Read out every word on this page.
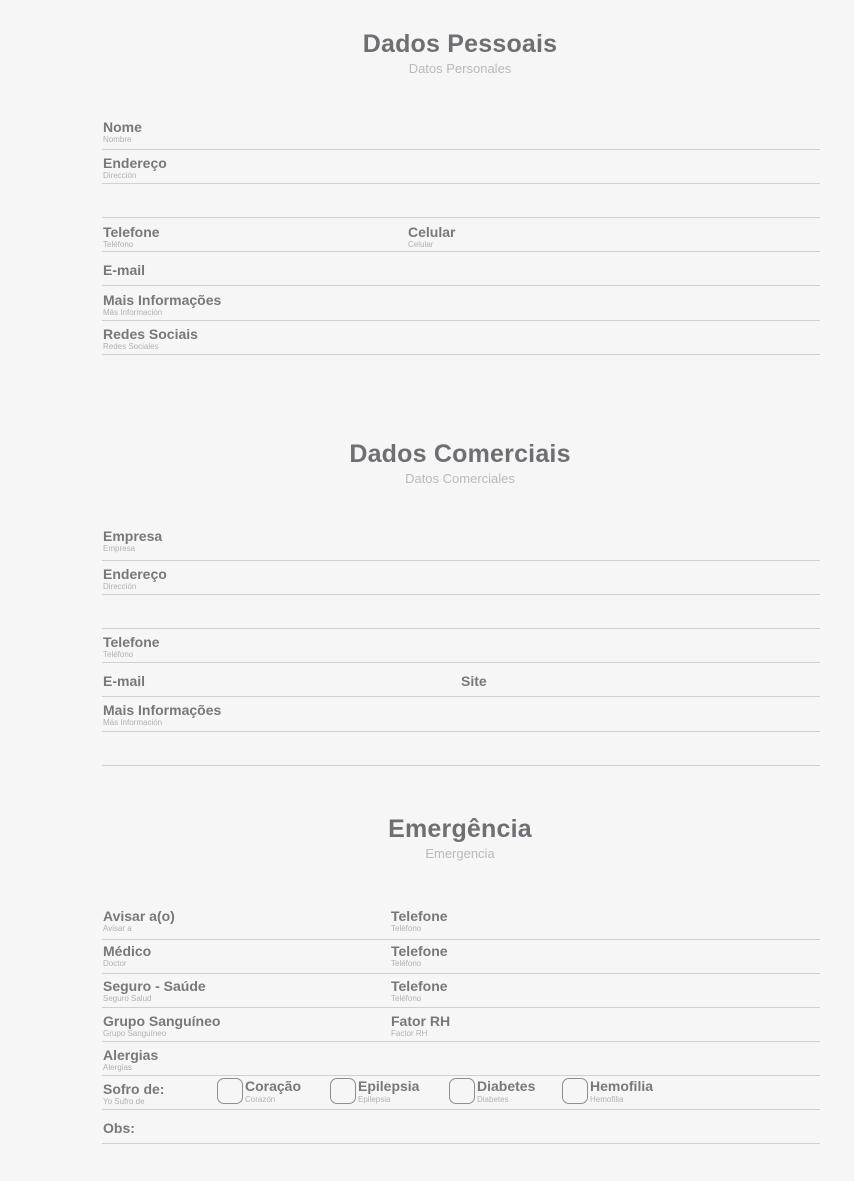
Dados Pessoais
Datos Personales
Nome
Nombre
Endereço
Dirección
Telefone
Teléfono
Celular
Celular
E-mail
Mais Informações
Más Información
Redes Sociais
Redes Sociales
Dados Comerciais
Datos Comerciales
Empresa
Empresa
Endereço
Dirección
Telefone
Teléfono
E-mail	Site
Mais Informações
Más Información
Emergência
Emergencia
Avisar a(o)
Avisar a
Telefone
Teléfono
Médico
Doctor
Telefone
Teléfono
Seguro - Saúde
Seguro Salud
Telefone
Teléfono
Grupo Sanguíneo
Grupo Sanguíneo
Fator RH
Factor RH
Alergias
Alergias
Sofro de:
Yo Sufro de
Coração
Corazón
Epilepsia
Epilepsia
Diabetes
Diabetes
Hemofilia
Hemofilia
Obs:
